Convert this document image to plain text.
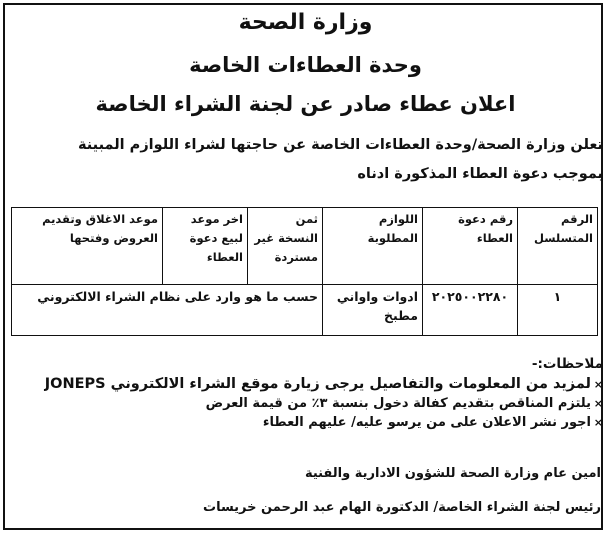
وزارة الصحة
وحدة العطاءات الخاصة
اعلان عطاء صادر عن لجنة الشراء الخاصة
تعلن وزارة الصحة/وحدة العطاءات الخاصة عن حاجتها لشراء اللوازم المبينة
بموجب دعوة العطاء المذكورة ادناه
الرقم المتسلسل	رقم دعوة العطاء	اللوازم المطلوبة	ثمن النسخة غير مستردة	اخر موعد لبيع دعوة العطاء	موعد الاغلاق وتقديم العروض وفتحها
١	٢٠٢٥٠٠٢٢٨٠	ادوات واواني مطبخ	حسب ما هو وارد على نظام الشراء الالكتروني		
ملاحظات:-
×لمزيد من المعلومات والتفاصيل يرجى زيارة موقع الشراء الالكتروني JONEPS
×يلتزم المناقص بتقديم كفالة دخول بنسبة ٣٪ من قيمة العرض
×اجور نشر الاعلان على من يرسو عليه/ عليهم العطاء
امين عام وزارة الصحة للشؤون الادارية والفنية
رئيس لجنة الشراء الخاصة/ الدكتورة الهام عبد الرحمن خريسات
